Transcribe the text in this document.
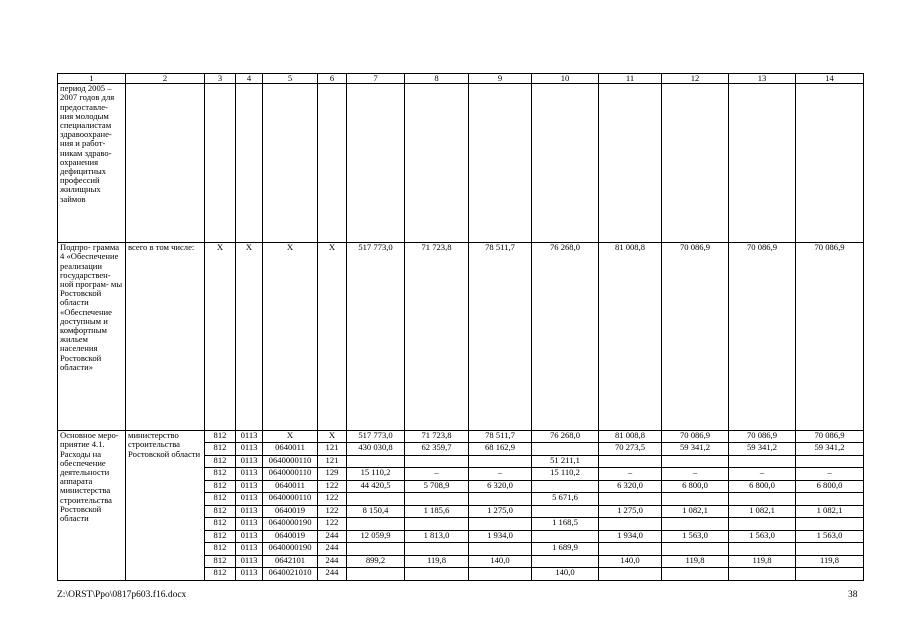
1	2	3	4	5	6	7	8	9	10	11	12	13	14
период 2005 – 2007 годов для предоставле- ния молодым специалистам здравоохране- ния и работ- никам здраво- охранения дефицитных профессий жилищных займов													
Подпро- грамма 4 «Обеспечение реализации государствен- ной програм- мы Ростовской области «Обеспечение доступным и комфортным жильем населения Ростовской области»	всего в том числе:	Х	Х	Х	Х	517 773,0	71 723,8	78 511,7	76 268,0	81 008,8	70 086,9	70 086,9	70 086,9
Основное меро- приятие 4.1. Расходы на обеспечение деятельности аппарата министерства строительства Ростовской области	министерство строительства Ростовской области	812	0113	Х	Х	517 773,0	71 723,8	78 511,7	76 268,0	81 008,8	70 086,9	70 086,9	70 086,9
		812	0113	0640011	121	430 030,8	62 359,7	68 162,9		70 273,5	59 341,2	59 341,2	59 341,2
		812	0113	0640000110	121				51 211,1				
		812	0113	0640000110	129	15 110,2	–	–	15 110,2	–	–	–	–
		812	0113	0640011	122	44 420,5	5 708,9	6 320,0		6 320,0	6 800,0	6 800,0	6 800,0
		812	0113	0640000110	122				5 671,6				
		812	0113	0640019	122	8 150,4	1 185,6	1 275,0		1 275,0	1 082,1	1 082,1	1 082,1
		812	0113	0640000190	122				1 168,5				
		812	0113	0640019	244	12 059,9	1 813,0	1 934,0		1 934,0	1 563,0	1 563,0	1 563,0
		812	0113	0640000190	244				1 689,9				
		812	0113	0642101	244	899,2	119,8	140,0		140,0	119,8	119,8	119,8
		812	0113	0640021010	244				140,0				
Z:\ORST\Ppo\0817p603.f16.docx	38
